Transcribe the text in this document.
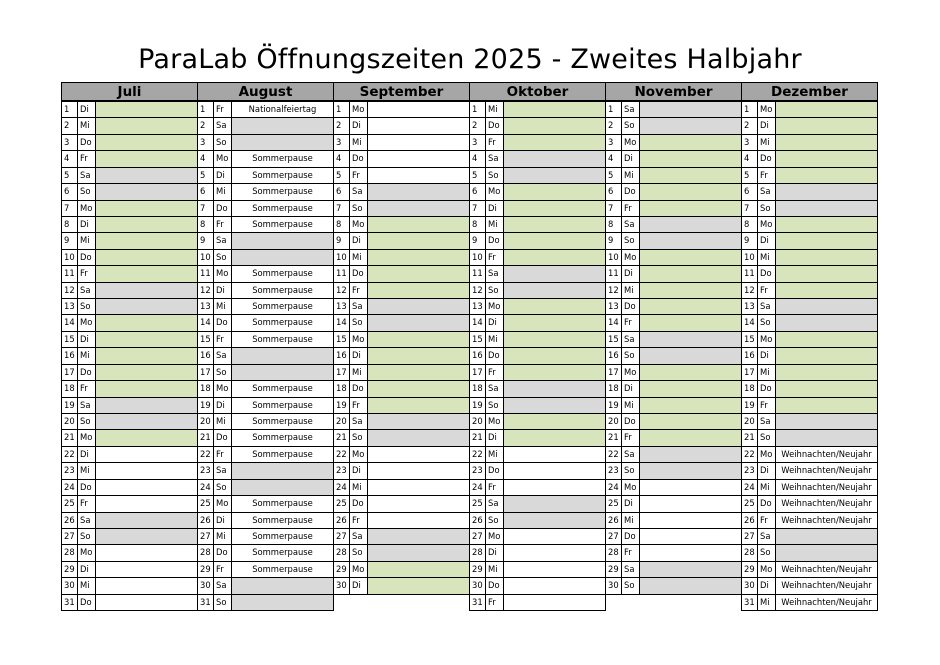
ParaLab Öffnungszeiten 2025 - Zweites Halbjahr
Juli
1	Di
2	Mi
3	Do
4	Fr
5	Sa
6	So
7	Mo
8	Di
9	Mi
10 Do
11 Fr
12 Sa
13 So
14 Mo
15 Di
16 Mi
17 Do
18 Fr
19 Sa
20 So
21 Mo
22 Di
23 Mi
24 Do
25 Fr
26 Sa
27 So
28 Mo
29 Di
30 Mi
31 Do
August
1	Fr	Nationalfeiertag
2	Sa
3	So
4	Mo	Sommerpause
5	Di	Sommerpause
6	Mi	Sommerpause
7	Do	Sommerpause
8	Fr	Sommerpause
9	Sa
10 So
11 Mo	Sommerpause
12 Di	Sommerpause
13 Mi	Sommerpause
14 Do	Sommerpause
15 Fr	Sommerpause
16 Sa
17 So
18 Mo	Sommerpause
19 Di	Sommerpause
20 Mi	Sommerpause
21 Do	Sommerpause
22 Fr	Sommerpause
23 Sa
24 So
25 Mo	Sommerpause
26 Di	Sommerpause
27 Mi	Sommerpause
28 Do	Sommerpause
29 Fr	Sommerpause
30 Sa
31 So
September
1	Mo
2	Di
3	Mi
4	Do
5	Fr
6	Sa
7	So
8	Mo
9	Di
10 Mi
11 Do
12 Fr
13 Sa
14 So
15 Mo
16 Di
17 Mi
18 Do
19 Fr
20 Sa
21 So
22 Mo
23 Di
24 Mi
25 Do
26 Fr
27 Sa
28 So
29 Mo
30 Di
Oktober
1	Mi
2	Do
3	Fr
4	Sa
5	So
6	Mo
7	Di
8	Mi
9	Do
10 Fr
11 Sa
12 So
13 Mo
14 Di
15 Mi
16 Do
17 Fr
18 Sa
19 So
20 Mo
21 Di
22 Mi
23 Do
24 Fr
25 Sa
26 So
27 Mo
28 Di
29 Mi
30 Do
31 Fr
November
1	Sa
2	So
3	Mo
4	Di
5	Mi
6	Do
7	Fr
8	Sa
9	So
10 Mo
11 Di
12 Mi
13 Do
14 Fr
15 Sa
16 So
17 Mo
18 Di
19 Mi
20 Do
21 Fr
22 Sa
23 So
24 Mo
25 Di
26 Mi
27 Do
28 Fr
29 Sa
30 So
Dezember
1	Mo
2	Di
3	Mi
4	Do
5	Fr
6	Sa
7	So
8	Mo
9	Di
10 Mi
11 Do
12 Fr
13 Sa
14 So
15 Mo
16 Di
17 Mi
18 Do
19 Fr
20 Sa
21 So
22 Mo	Weihnachten/Neujahr
23 Di	Weihnachten/Neujahr
24 Mi	Weihnachten/Neujahr
25 Do	Weihnachten/Neujahr
26 Fr	Weihnachten/Neujahr
27 Sa
28 So
29 Mo	Weihnachten/Neujahr
30 Di	Weihnachten/Neujahr
31 Mi	Weihnachten/Neujahr
